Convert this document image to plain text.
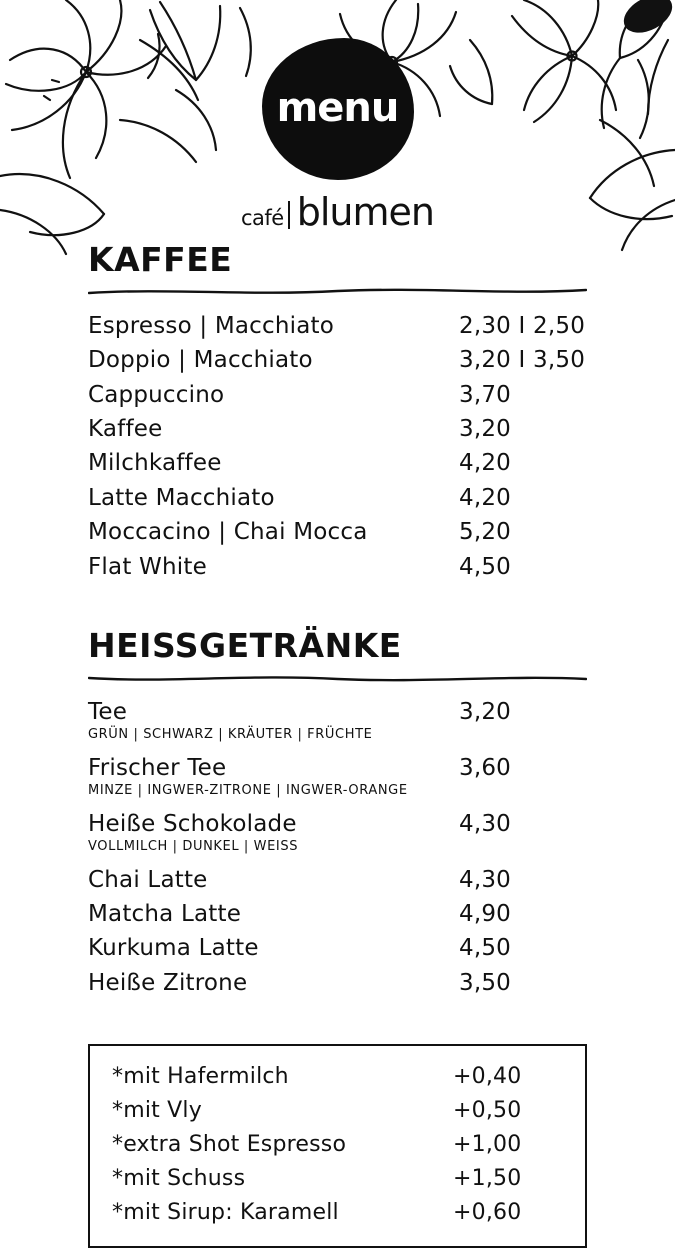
menu
café blumen
KAFFEE
Espresso | Macchiato	2,30 I 2,50
Doppio | Macchiato	3,20 I 3,50
Cappuccino	3,70
Kaffee	3,20
Milchkaffee	4,20
Latte Macchiato	4,20
Moccacino | Chai Mocca	5,20
Flat White	4,50
HEISSGETRÄNKE
Tee	3,20
GRÜN | SCHWARZ | KRÄUTER | FRÜCHTE
Frischer Tee	3,60
MINZE | INGWER-ZITRONE | INGWER-ORANGE
Heiße Schokolade	4,30
VOLLMILCH | DUNKEL | WEISS
Chai Latte	4,30
Matcha Latte	4,90
Kurkuma Latte	4,50
Heiße Zitrone	3,50
*mit Hafermilch	+0,40
*mit Vly	+0,50
*extra Shot Espresso	+1,00
*mit Schuss	+1,50
*mit Sirup: Karamell	+0,60
